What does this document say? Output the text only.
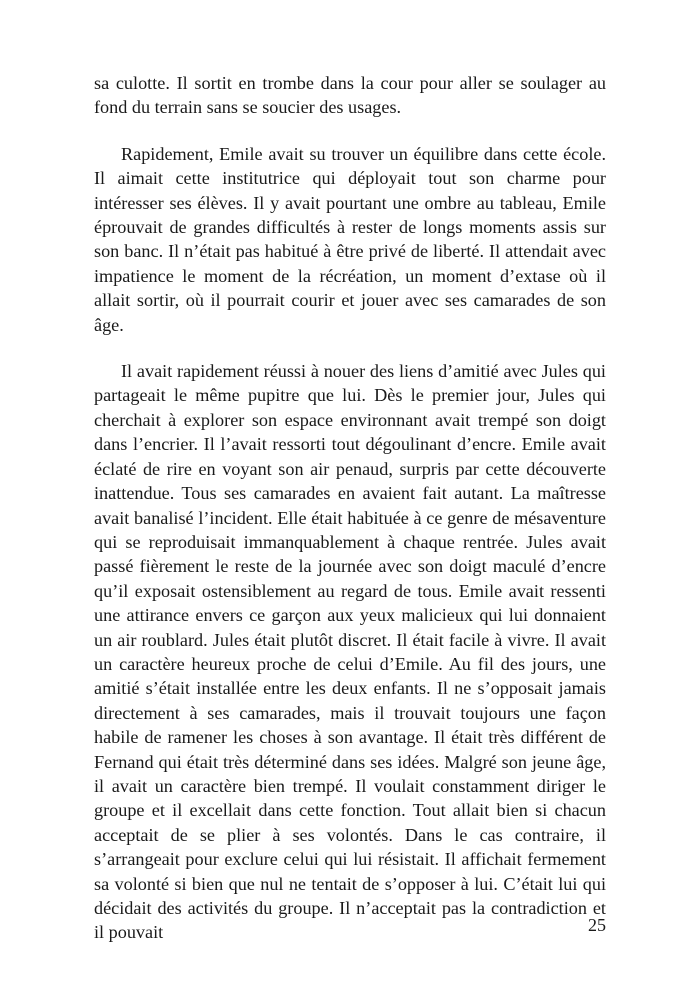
sa culotte. Il sortit en trombe dans la cour pour aller se soulager au fond du terrain sans se soucier des usages.

Rapidement, Emile avait su trouver un équilibre dans cette école. Il aimait cette institutrice qui déployait tout son charme pour intéresser ses élèves. Il y avait pourtant une ombre au tableau, Emile éprouvait de grandes difficultés à rester de longs moments assis sur son banc. Il n’était pas habitué à être privé de liberté. Il attendait avec impatience le moment de la récréation, un moment d’extase où il allait sortir, où il pourrait courir et jouer avec ses camarades de son âge.

Il avait rapidement réussi à nouer des liens d’amitié avec Jules qui partageait le même pupitre que lui. Dès le premier jour, Jules qui cherchait à explorer son espace environnant avait trempé son doigt dans l’encrier. Il l’avait ressorti tout dégoulinant d’encre. Emile avait éclaté de rire en voyant son air penaud, surpris par cette découverte inattendue. Tous ses camarades en avaient fait autant. La maîtresse avait banalisé l’incident. Elle était habituée à ce genre de mésaventure qui se reproduisait immanquablement à chaque rentrée. Jules avait passé fièrement le reste de la journée avec son doigt maculé d’encre qu’il exposait ostensiblement au regard de tous. Emile avait ressenti une attirance envers ce garçon aux yeux malicieux qui lui donnaient un air roublard. Jules était plutôt discret. Il était facile à vivre. Il avait un caractère heureux proche de celui d’Emile. Au fil des jours, une amitié s’était installée entre les deux enfants. Il ne s’opposait jamais directement à ses camarades, mais il trouvait toujours une façon habile de ramener les choses à son avantage. Il était très différent de Fernand qui était très déterminé dans ses idées. Malgré son jeune âge, il avait un caractère bien trempé. Il voulait constamment diriger le groupe et il excellait dans cette fonction. Tout allait bien si chacun acceptait de se plier à ses volontés. Dans le cas contraire, il s’arrangeait pour exclure celui qui lui résistait. Il affichait fermement sa volonté si bien que nul ne tentait de s’opposer à lui. C’était lui qui décidait des activités du groupe. Il n’acceptait pas la contradiction et il pouvait	25
